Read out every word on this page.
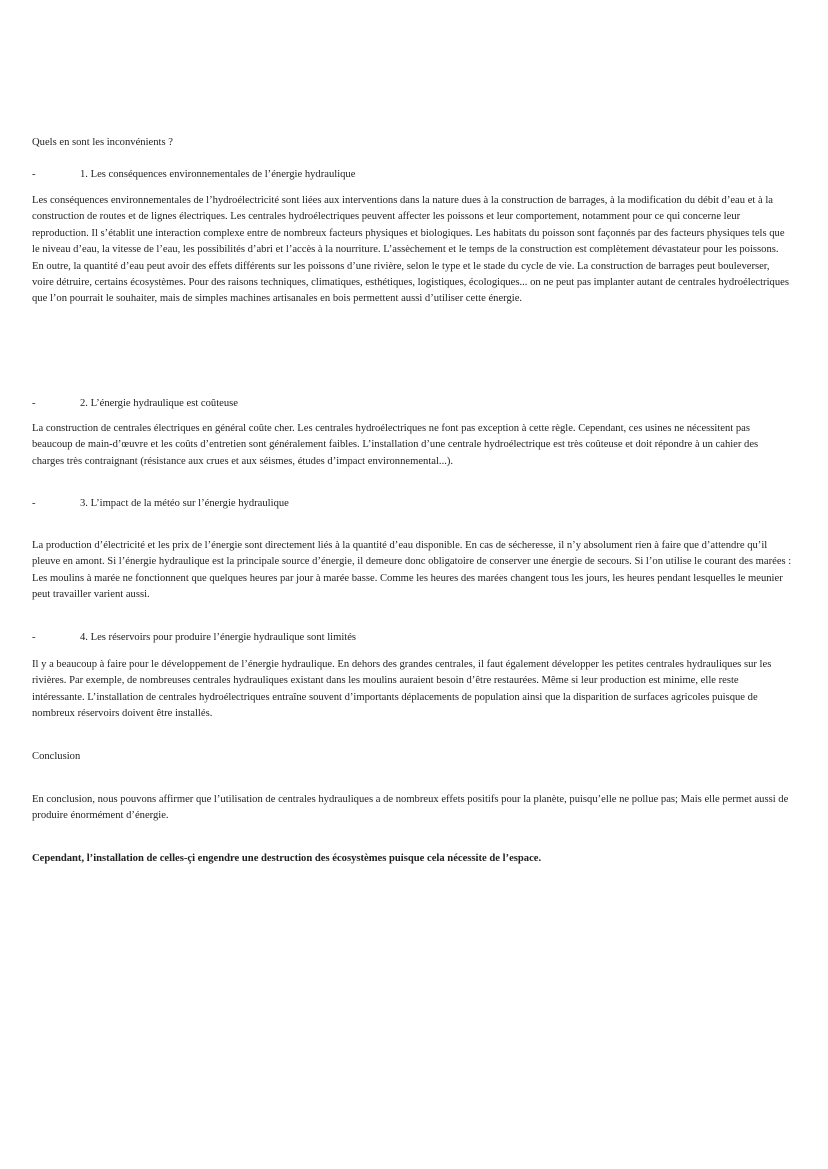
Quels en sont les inconvénients ?
-	1. Les conséquences environnementales de l’énergie hydraulique
Les conséquences environnementales de l’hydroélectricité sont liées aux interventions dans la nature dues à la construction de barrages, à la modification du débit d’eau et à la construction de routes et de lignes électriques. Les centrales hydroélectriques peuvent affecter les poissons et leur comportement, notamment pour ce qui concerne leur reproduction. Il s’établit une interaction complexe entre de nombreux facteurs physiques et biologiques. Les habitats du poisson sont façonnés par des facteurs physiques tels que le niveau d’eau, la vitesse de l’eau, les possibilités d’abri et l’accès à la nourriture. L’assèchement et le temps de la construction est complètement dévastateur pour les poissons. En outre, la quantité d’eau peut avoir des effets différents sur les poissons d’une rivière, selon le type et le stade du cycle de vie. La construction de barrages peut bouleverser, voire détruire, certains écosystèmes. Pour des raisons techniques, climatiques, esthétiques, logistiques, écologiques... on ne peut pas implanter autant de centrales hydroélectriques que l’on pourrait le souhaiter, mais de simples machines artisanales en bois permettent aussi d’utiliser cette énergie.
-	2. L’énergie hydraulique est coûteuse
La construction de centrales électriques en général coûte cher. Les centrales hydroélectriques ne font pas exception à cette règle. Cependant, ces usines ne nécessitent pas beaucoup de main-d’œuvre et les coûts d’entretien sont généralement faibles. L’installation d’une centrale hydroélectrique est très coûteuse et doit répondre à un cahier des charges très contraignant (résistance aux crues et aux séismes, études d’impact environnemental...).
-	3. L’impact de la météo sur l’énergie hydraulique
La production d’électricité et les prix de l’énergie sont directement liés à la quantité d’eau disponible. En cas de sécheresse, il n’y absolument rien à faire que d’attendre qu’il pleuve en amont. Si l’énergie hydraulique est la principale source d’énergie, il demeure donc obligatoire de conserver une énergie de secours. Si l’on utilise le courant des marées : Les moulins à marée ne fonctionnent que quelques heures par jour à marée basse. Comme les heures des marées changent tous les jours, les heures pendant lesquelles le meunier peut travailler varient aussi.
-	4. Les réservoirs pour produire l’énergie hydraulique sont limités
Il y a beaucoup à faire pour le développement de l’énergie hydraulique. En dehors des grandes centrales, il faut également développer les petites centrales hydrauliques sur les rivières. Par exemple, de nombreuses centrales hydrauliques existant dans les moulins auraient besoin d’être restaurées. Même si leur production est minime, elle reste intéressante. L’installation de centrales hydroélectriques entraîne souvent d’importants déplacements de population ainsi que la disparition de surfaces agricoles puisque de nombreux réservoirs doivent être installés.
Conclusion
En conclusion, nous pouvons affirmer que l’utilisation de centrales hydrauliques a de nombreux effets positifs pour la planète, puisqu’elle ne pollue pas; Mais elle permet aussi de produire énormément d’énergie.
Cependant, l’installation de celles-çi engendre une destruction des écosystèmes puisque cela nécessite de l’espace.
